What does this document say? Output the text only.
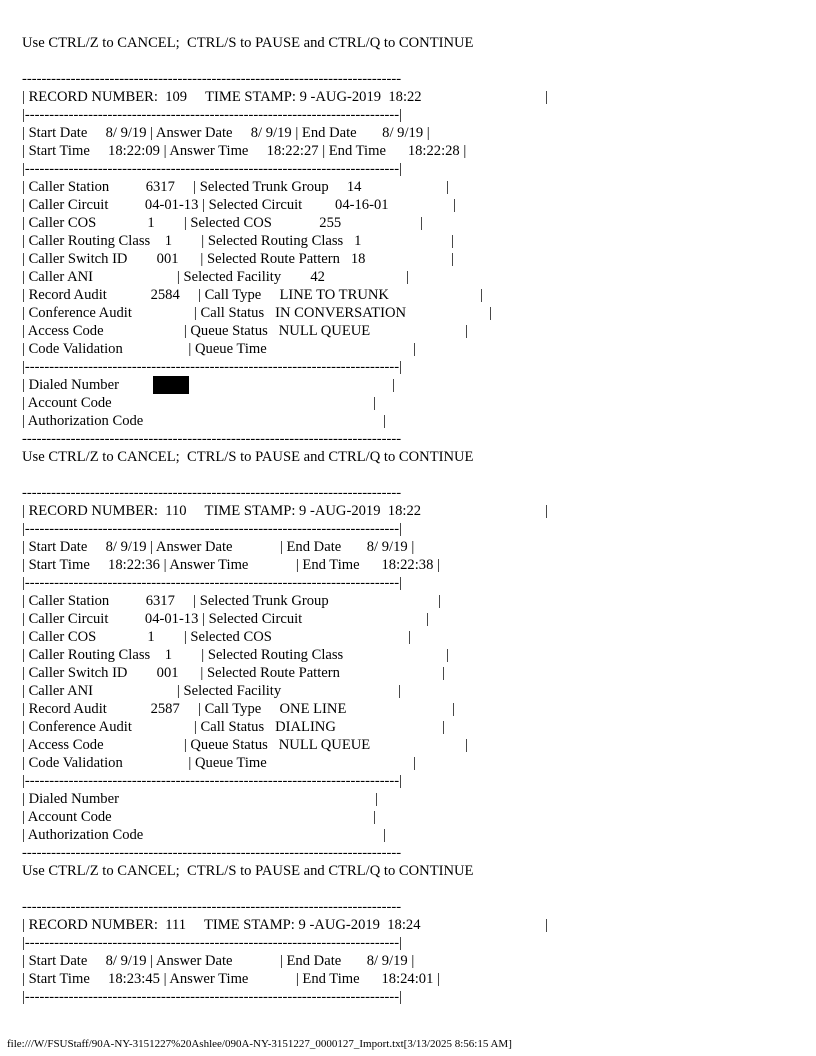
Use CTRL/Z to CANCEL;  CTRL/S to PAUSE and CTRL/Q to CONTINUE
------------------------------------------------------------------------------
| RECORD NUMBER:  109     TIME STAMP: 9 -AUG-2019  18:22	|
|-----------------------------------------------------------------------------|
| Start Date     8/ 9/19 | Answer Date     8/ 9/19 | End Date       8/ 9/19 |
| Start Time     18:22:09 | Answer Time     18:22:27 | End Time      18:22:28 |
|-----------------------------------------------------------------------------|
| Caller Station          6317     | Selected Trunk Group     14	|
| Caller Circuit          04-01-13 | Selected Circuit         04-16-01	|
| Caller COS              1        | Selected COS             255	|
| Caller Routing Class    1        | Selected Routing Class   1	|
| Caller Switch ID        001      | Selected Route Pattern   18	|
| Caller ANI                       | Selected Facility        42	|
| Record Audit            2584     | Call Type     LINE TO TRUNK	|
| Conference Audit                 | Call Status   IN CONVERSATION	|
| Access Code                      | Queue Status   NULL QUEUE	|
| Code Validation                  | Queue Time	|
|-----------------------------------------------------------------------------|
| Dialed Number	|
| Account Code	|
| Authorization Code	|
------------------------------------------------------------------------------
Use CTRL/Z to CANCEL;  CTRL/S to PAUSE and CTRL/Q to CONTINUE
------------------------------------------------------------------------------
| RECORD NUMBER:  110     TIME STAMP: 9 -AUG-2019  18:22	|
|-----------------------------------------------------------------------------|
| Start Date     8/ 9/19 | Answer Date             | End Date       8/ 9/19 |
| Start Time     18:22:36 | Answer Time             | End Time      18:22:38 |
|-----------------------------------------------------------------------------|
| Caller Station          6317     | Selected Trunk Group	|
| Caller Circuit          04-01-13 | Selected Circuit	|
| Caller COS              1        | Selected COS	|
| Caller Routing Class    1        | Selected Routing Class	|
| Caller Switch ID        001      | Selected Route Pattern	|
| Caller ANI                       | Selected Facility	|
| Record Audit            2587     | Call Type     ONE LINE	|
| Conference Audit                 | Call Status   DIALING	|
| Access Code                      | Queue Status   NULL QUEUE	|
| Code Validation                  | Queue Time	|
|-----------------------------------------------------------------------------|
| Dialed Number	|
| Account Code	|
| Authorization Code	|
------------------------------------------------------------------------------
Use CTRL/Z to CANCEL;  CTRL/S to PAUSE and CTRL/Q to CONTINUE
------------------------------------------------------------------------------
| RECORD NUMBER:  111     TIME STAMP: 9 -AUG-2019  18:24	|
|-----------------------------------------------------------------------------|
| Start Date     8/ 9/19 | Answer Date             | End Date       8/ 9/19 |
| Start Time     18:23:45 | Answer Time             | End Time      18:24:01 |
|-----------------------------------------------------------------------------|
file:///W/FSUStaff/90A-NY-3151227%20Ashlee/090A-NY-3151227_0000127_Import.txt[3/13/2025 8:56:15 AM]
